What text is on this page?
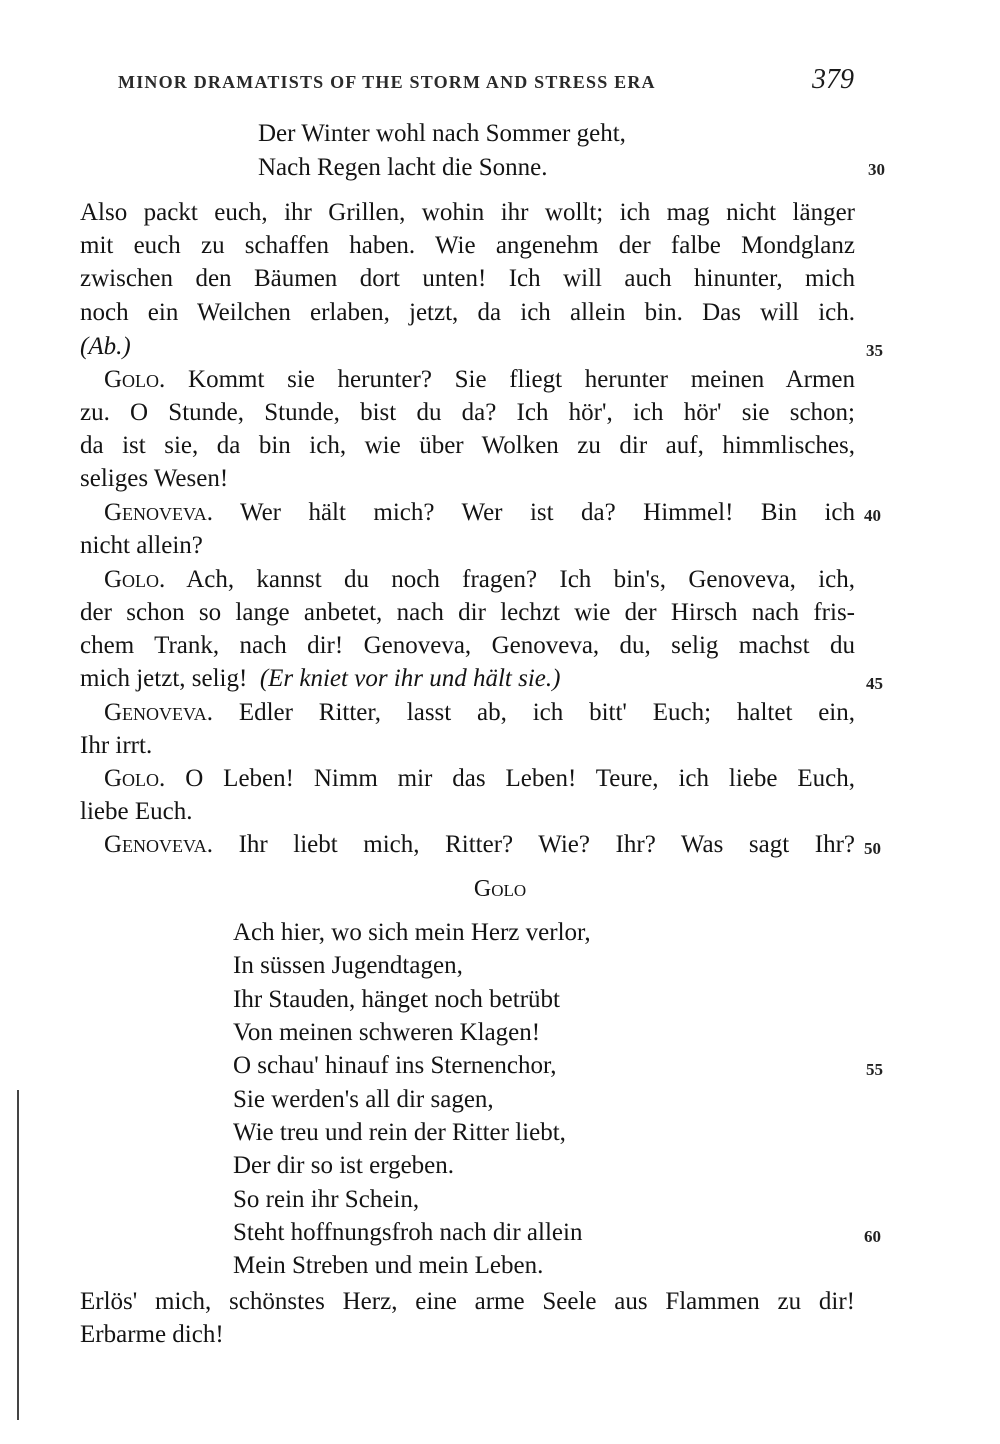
MINOR DRAMATISTS OF THE STORM AND STRESS ERA	379
Der Winter wohl nach Sommer geht,
Nach Regen lacht die Sonne.	30
Also packt euch, ihr Grillen, wohin ihr wollt; ich mag nicht länger
mit euch zu schaffen haben. Wie angenehm der falbe Mondglanz
zwischen den Bäumen dort unten! Ich will auch hinunter, mich
noch ein Weilchen erlaben, jetzt, da ich allein bin. Das will ich.
(Ab.)	35
Golo. Kommt sie herunter? Sie fliegt herunter meinen Armen
zu. O Stunde, Stunde, bist du da? Ich hör', ich hör' sie schon;
da ist sie, da bin ich, wie über Wolken zu dir auf, himmlisches,
seliges Wesen!
Genoveva. Wer hält mich? Wer ist da? Himmel! Bin ich 40
nicht allein?
Golo. Ach, kannst du noch fragen? Ich bin's, Genoveva, ich,
der schon so lange anbetet, nach dir lechzt wie der Hirsch nach fris-
chem Trank, nach dir! Genoveva, Genoveva, du, selig machst du
mich jetzt, selig! (Er kniet vor ihr und hält sie.)	45
Genoveva. Edler Ritter, lasst ab, ich bitt' Euch; haltet ein,
Ihr irrt.
Golo. O Leben! Nimm mir das Leben! Teure, ich liebe Euch,
liebe Euch.
Genoveva. Ihr liebt mich, Ritter? Wie? Ihr? Was sagt Ihr? 50
Golo
Ach hier, wo sich mein Herz verlor,
In süssen Jugendtagen,
Ihr Stauden, hänget noch betrübt
Von meinen schweren Klagen!
O schau' hinauf ins Sternenchor,	55
Sie werden's all dir sagen,
Wie treu und rein der Ritter liebt,
Der dir so ist ergeben.
So rein ihr Schein,
Steht hoffnungsfroh nach dir allein	60
Mein Streben und mein Leben.
Erlös' mich, schönstes Herz, eine arme Seele aus Flammen zu dir!
Erbarme dich!
